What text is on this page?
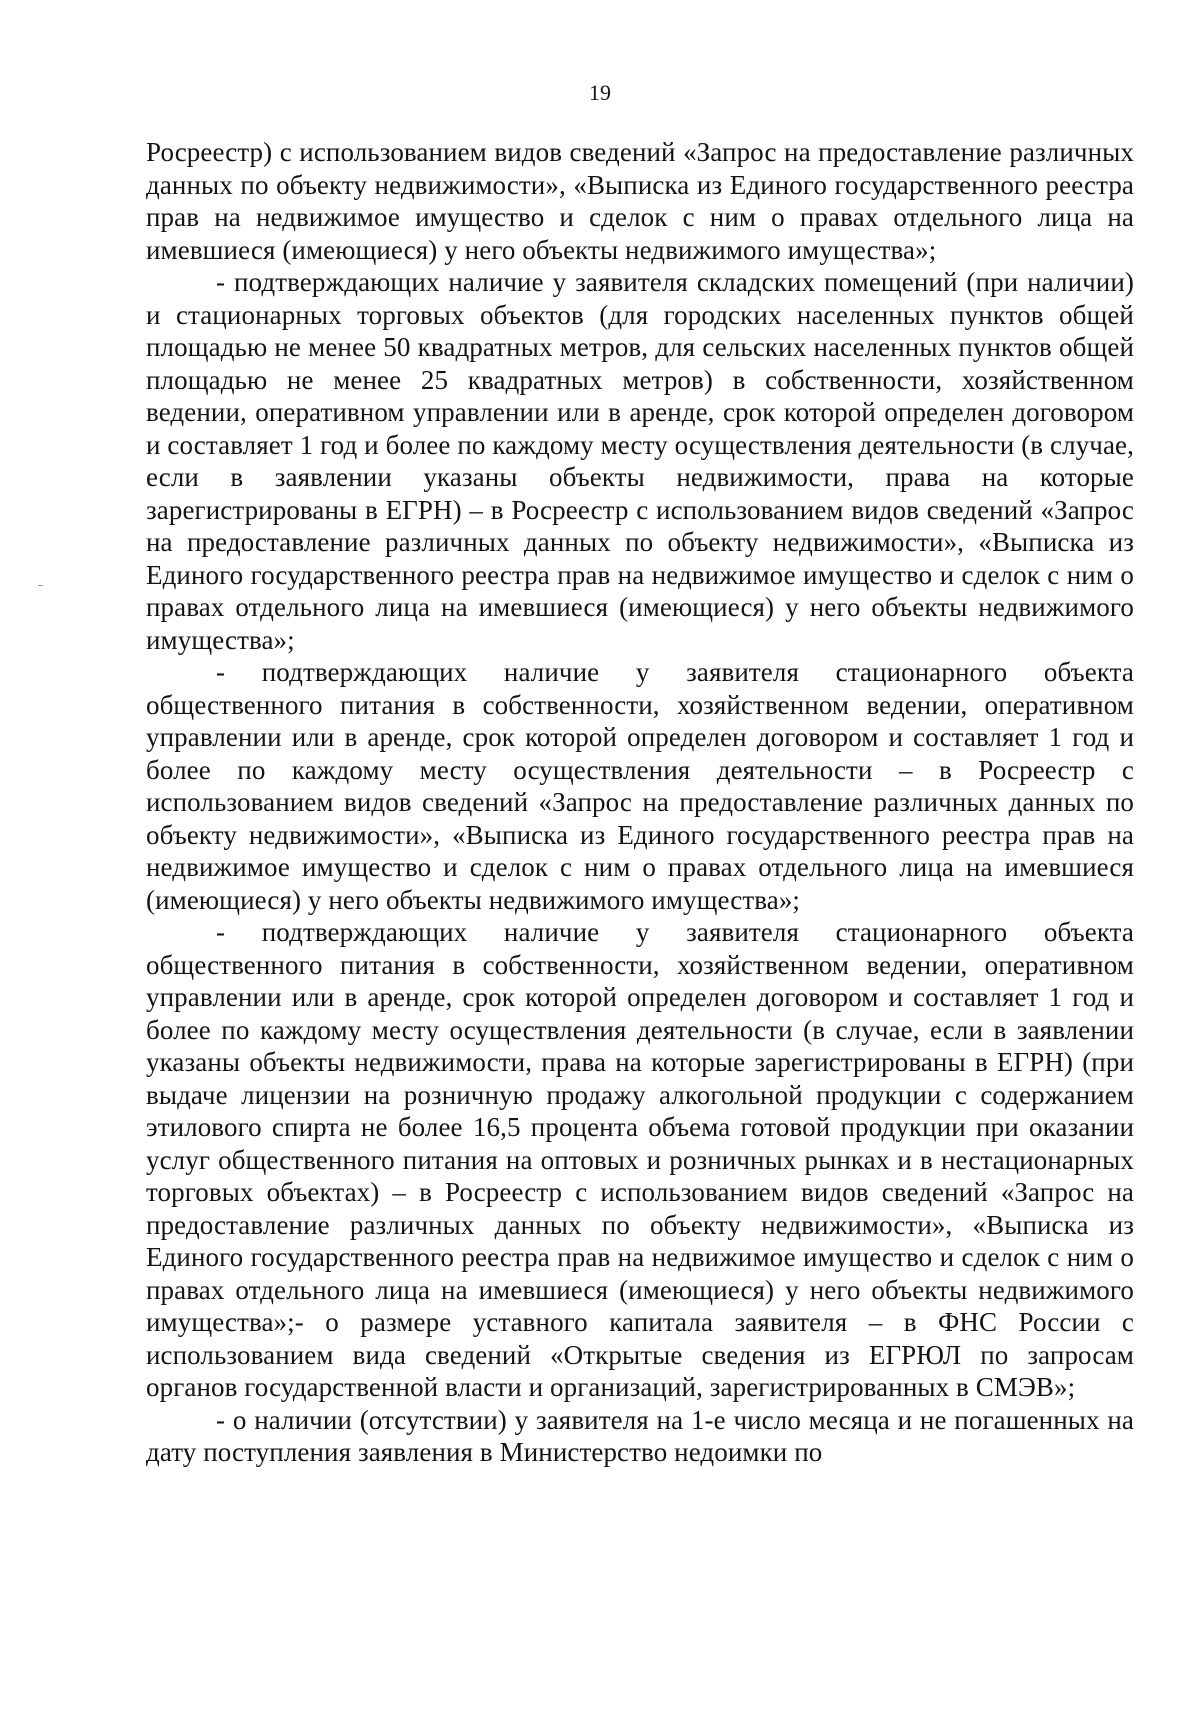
19

Росреестр) с использованием видов сведений «Запрос на предоставление различных данных по объекту недвижимости», «Выписка из Единого государственного реестра прав на недвижимое имущество и сделок с ним о правах отдельного лица на имевшиеся (имеющиеся) у него объекты недвижимого имущества»;

- подтверждающих наличие у заявителя складских помещений (при наличии) и стационарных торговых объектов (для городских населенных пунктов общей площадью не менее 50 квадратных метров, для сельских населенных пунктов общей площадью не менее 25 квадратных метров) в собственности, хозяйственном ведении, оперативном управлении или в аренде, срок которой определен договором и составляет 1 год и более по каждому месту осуществления деятельности (в случае, если в заявлении указаны объекты недвижимости, права на которые зарегистрированы в ЕГРН) – в Росреестр с использованием видов сведений «Запрос на предоставление различных данных по объекту недвижимости», «Выписка из Единого государственного реестра прав на недвижимое имущество и сделок с ним о правах отдельного лица на имевшиеся (имеющиеся) у него объекты недвижимого имущества»;

- подтверждающих наличие у заявителя стационарного объекта общественного питания в собственности, хозяйственном ведении, оперативном управлении или в аренде, срок которой определен договором и составляет 1 год и более по каждому месту осуществления деятельности – в Росреестр с использованием видов сведений «Запрос на предоставление различных данных по объекту недвижимости», «Выписка из Единого государственного реестра прав на недвижимое имущество и сделок с ним о правах отдельного лица на имевшиеся (имеющиеся) у него объекты недвижимого имущества»;

- подтверждающих наличие у заявителя стационарного объекта общественного питания в собственности, хозяйственном ведении, оперативном управлении или в аренде, срок которой определен договором и составляет 1 год и более по каждому месту осуществления деятельности (в случае, если в заявлении указаны объекты недвижимости, права на которые зарегистрированы в ЕГРН) (при выдаче лицензии на розничную продажу алкогольной продукции с содержанием этилового спирта не более 16,5 процента объема готовой продукции при оказании услуг общественного питания на оптовых и розничных рынках и в нестационарных торговых объектах) – в Росреестр с использованием видов сведений «Запрос на предоставление различных данных по объекту недвижимости», «Выписка из Единого государственного реестра прав на недвижимое имущество и сделок с ним о правах отдельного лица на имевшиеся (имеющиеся) у него объекты недвижимого имущества»;- о размере уставного капитала заявителя – в ФНС России с использованием вида сведений «Открытые сведения из ЕГРЮЛ по запросам органов государственной власти и организаций, зарегистрированных в СМЭВ»;

- о наличии (отсутствии) у заявителя на 1-е число месяца и не погашенных на дату поступления заявления в Министерство недоимки по
